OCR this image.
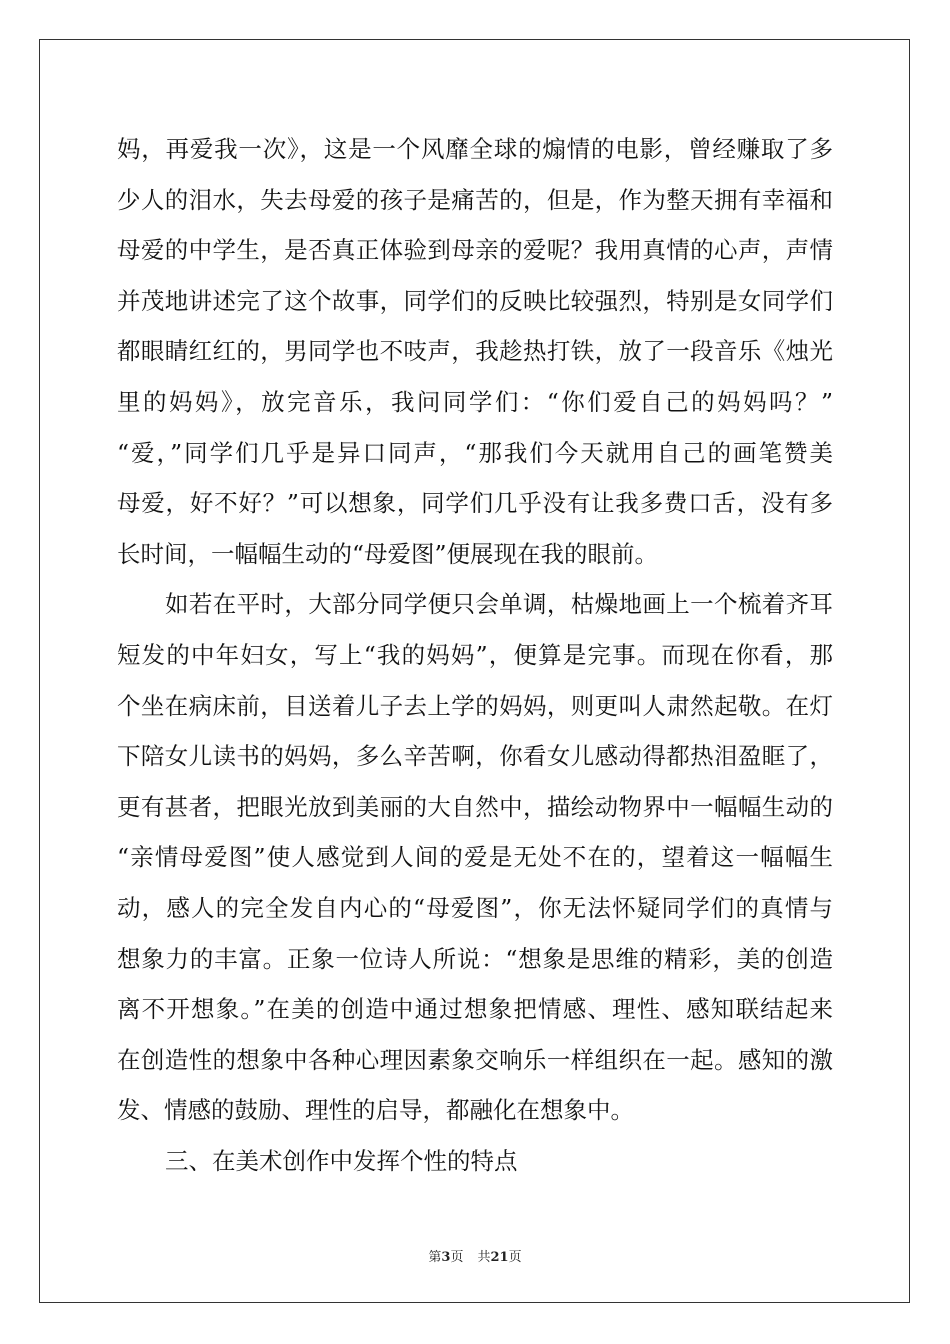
妈，再爱我一次》，这是一个风靡全球的煽情的电影，曾经赚取了多
少人的泪水，失去母爱的孩子是痛苦的，但是，作为整天拥有幸福和
母爱的中学生，是否真正体验到母亲的爱呢？我用真情的心声，声情
并茂地讲述完了这个故事，同学们的反映比较强烈，特别是女同学们
都眼睛红红的，男同学也不吱声，我趁热打铁，放了一段音乐《烛光
里的妈妈》，放完音乐，我问同学们：“你们爱自己的妈妈吗？”
“爱，”同学们几乎是异口同声，“那我们今天就用自己的画笔赞美
母爱，好不好？”可以想象，同学们几乎没有让我多费口舌，没有多
长时间，一幅幅生动的“母爱图”便展现在我的眼前。
如若在平时，大部分同学便只会单调，枯燥地画上一个梳着齐耳
短发的中年妇女，写上“我的妈妈”，便算是完事。而现在你看，那
个坐在病床前，目送着儿子去上学的妈妈，则更叫人肃然起敬。在灯
下陪女儿读书的妈妈，多么辛苦啊，你看女儿感动得都热泪盈眶了，
更有甚者，把眼光放到美丽的大自然中，描绘动物界中一幅幅生动的
“亲情母爱图”使人感觉到人间的爱是无处不在的，望着这一幅幅生
动，感人的完全发自内心的“母爱图”，你无法怀疑同学们的真情与
想象力的丰富。正象一位诗人所说：“想象是思维的精彩，美的创造
离不开想象。”在美的创造中通过想象把情感、理性、感知联结起来
在创造性的想象中各种心理因素象交响乐一样组织在一起。感知的激
发、情感的鼓励、理性的启导，都融化在想象中。
三、在美术创作中发挥个性的特点
第3页 共21页
